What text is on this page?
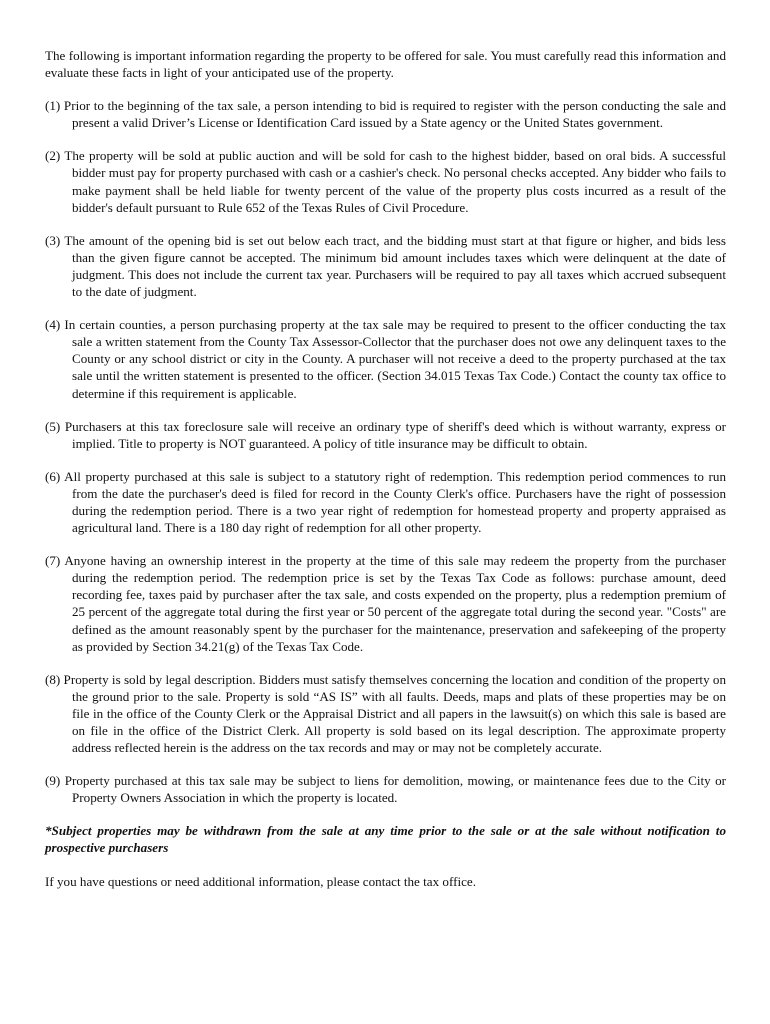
The following is important information regarding the property to be offered for sale. You must carefully read this information and evaluate these facts in light of your anticipated use of the property.

(1) Prior to the beginning of the tax sale, a person intending to bid is required to register with the person conducting the sale and present a valid Driver’s License or Identification Card issued by a State agency or the United States government.

(2) The property will be sold at public auction and will be sold for cash to the highest bidder, based on oral bids. A successful bidder must pay for property purchased with cash or a cashier's check. No personal checks accepted. Any bidder who fails to make payment shall be held liable for twenty percent of the value of the property plus costs incurred as a result of the bidder's default pursuant to Rule 652 of the Texas Rules of Civil Procedure.

(3) The amount of the opening bid is set out below each tract, and the bidding must start at that figure or higher, and bids less than the given figure cannot be accepted. The minimum bid amount includes taxes which were delinquent at the date of judgment. This does not include the current tax year. Purchasers will be required to pay all taxes which accrued subsequent to the date of judgment.

(4) In certain counties, a person purchasing property at the tax sale may be required to present to the officer conducting the tax sale a written statement from the County Tax Assessor-Collector that the purchaser does not owe any delinquent taxes to the County or any school district or city in the County. A purchaser will not receive a deed to the property purchased at the tax sale until the written statement is presented to the officer. (Section 34.015 Texas Tax Code.) Contact the county tax office to determine if this requirement is applicable.

(5) Purchasers at this tax foreclosure sale will receive an ordinary type of sheriff's deed which is without warranty, express or implied. Title to property is NOT guaranteed. A policy of title insurance may be difficult to obtain.

(6) All property purchased at this sale is subject to a statutory right of redemption. This redemption period commences to run from the date the purchaser's deed is filed for record in the County Clerk's office. Purchasers have the right of possession during the redemption period. There is a two year right of redemption for homestead property and property appraised as agricultural land. There is a 180 day right of redemption for all other property.

(7) Anyone having an ownership interest in the property at the time of this sale may redeem the property from the purchaser during the redemption period. The redemption price is set by the Texas Tax Code as follows: purchase amount, deed recording fee, taxes paid by purchaser after the tax sale, and costs expended on the property, plus a redemption premium of 25 percent of the aggregate total during the first year or 50 percent of the aggregate total during the second year. "Costs" are defined as the amount reasonably spent by the purchaser for the maintenance, preservation and safekeeping of the property as provided by Section 34.21(g) of the Texas Tax Code.

(8) Property is sold by legal description. Bidders must satisfy themselves concerning the location and condition of the property on the ground prior to the sale. Property is sold “AS IS” with all faults. Deeds, maps and plats of these properties may be on file in the office of the County Clerk or the Appraisal District and all papers in the lawsuit(s) on which this sale is based are on file in the office of the District Clerk. All property is sold based on its legal description. The approximate property address reflected herein is the address on the tax records and may or may not be completely accurate.

(9) Property purchased at this tax sale may be subject to liens for demolition, mowing, or maintenance fees due to the City or Property Owners Association in which the property is located.

*Subject properties may be withdrawn from the sale at any time prior to the sale or at the sale without notification to prospective purchasers

If you have questions or need additional information, please contact the tax office.
